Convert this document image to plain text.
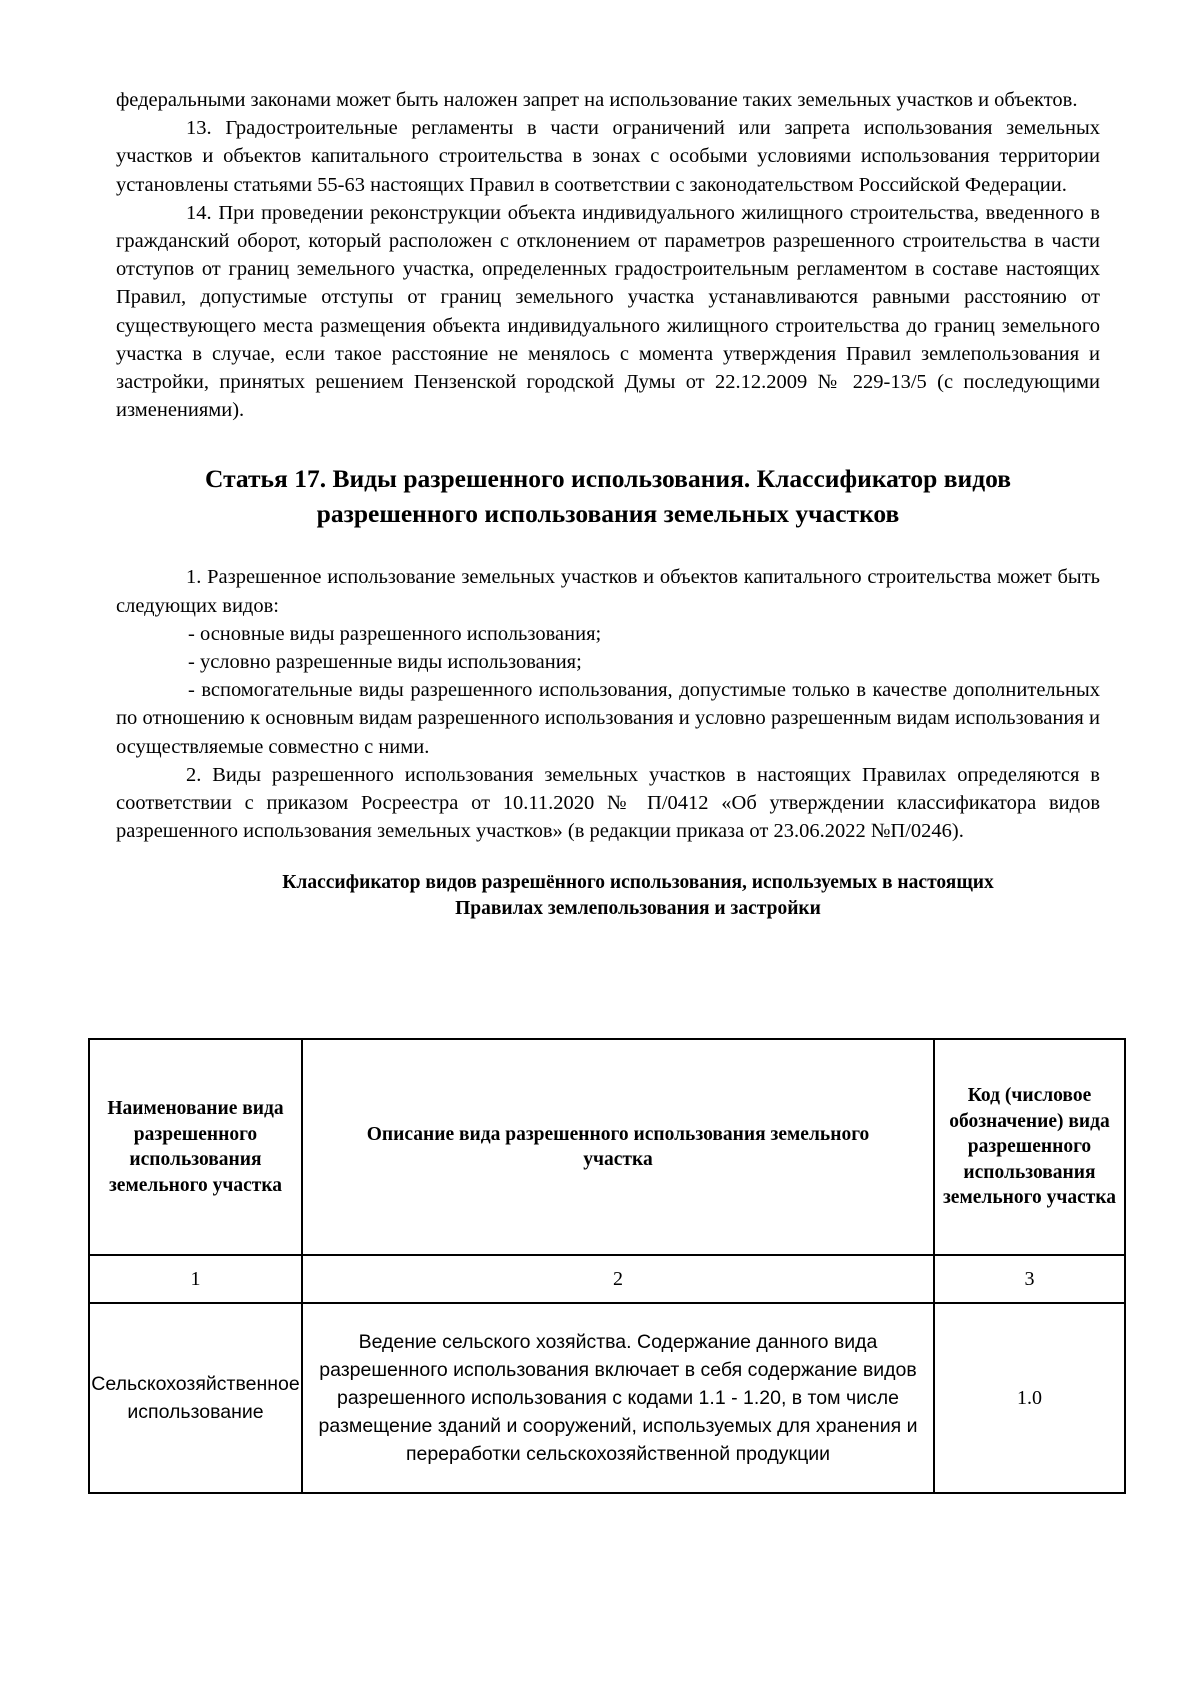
федеральными законами может быть наложен запрет на использование таких земельных участков и объектов.

13. Градостроительные регламенты в части ограничений или запрета использования земельных участков и объектов капитального строительства в зонах с особыми условиями использования территории установлены статьями 55-63 настоящих Правил в соответствии с законодательством Российской Федерации.

14. При проведении реконструкции объекта индивидуального жилищного строительства, введенного в гражданский оборот, который расположен с отклонением от параметров разрешенного строительства в части отступов от границ земельного участка, определенных градостроительным регламентом в составе настоящих Правил, допустимые отступы от границ земельного участка устанавливаются равными расстоянию от существующего места размещения объекта индивидуального жилищного строительства до границ земельного участка в случае, если такое расстояние не менялось с момента утверждения Правил землепользования и застройки, принятых решением Пензенской городской Думы от 22.12.2009 № 229-13/5 (с последующими изменениями).

Статья 17. Виды разрешенного использования. Классификатор видов
разрешенного использования земельных участков

1. Разрешенное использование земельных участков и объектов капитального строительства может быть следующих видов:

- основные виды разрешенного использования;

- условно разрешенные виды использования;

- вспомогательные виды разрешенного использования, допустимые только в качестве дополнительных по отношению к основным видам разрешенного использования и условно разрешенным видам использования и осуществляемые совместно с ними.

2. Виды разрешенного использования земельных участков в настоящих Правилах определяются в соответствии с приказом Росреестра от 10.11.2020 № П/0412 «Об утверждении классификатора видов разрешенного использования земельных участков» (в редакции приказа от 23.06.2022 №П/0246).

Классификатор видов разрешённого использования, используемых в настоящих
Правилах землепользования и застройки
Наименование вида разрешенного использования земельного участка	Описание вида разрешенного использования земельного участка	Код (числовое обозначение) вида разрешенного использования земельного участка
1	2	3
Сельскохозяйственное использование	Ведение сельского хозяйства. Содержание данного вида разрешенного использования включает в себя содержание видов разрешенного использования с кодами 1.1 - 1.20, в том числе размещение зданий и сооружений, используемых для хранения и переработки сельскохозяйственной продукции	1.0
